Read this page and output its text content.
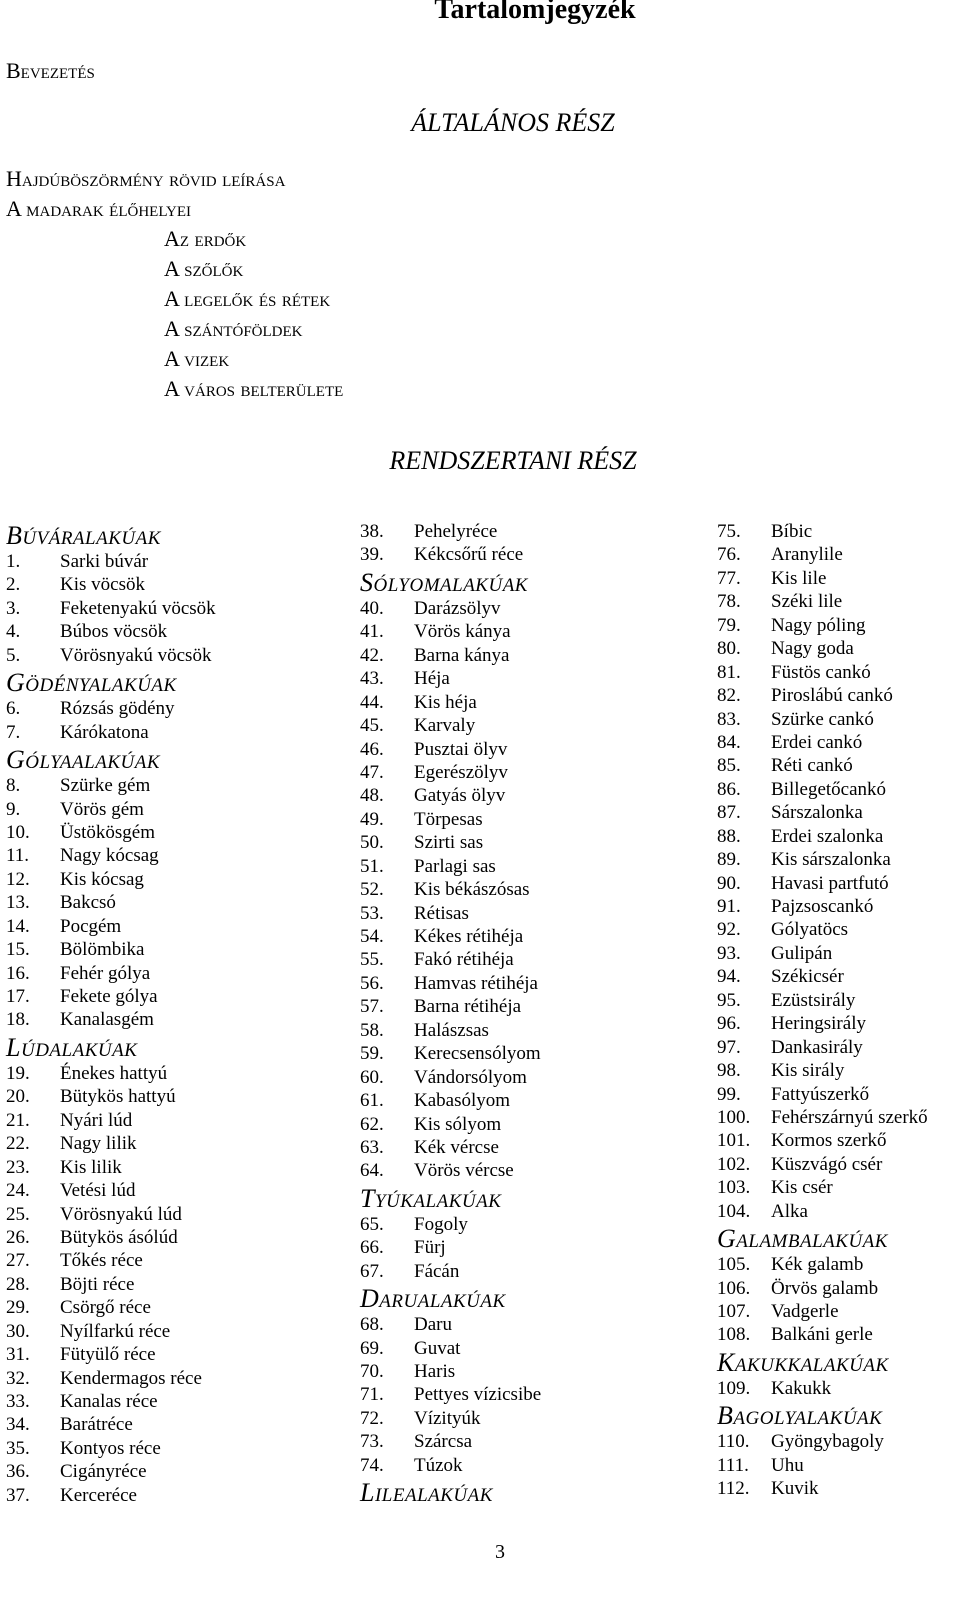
Tartalomjegyzék
Bevezetés
ÁLTALÁNOS RÉSZ
Hajdúböszörmény rövid leírása
A madarak élőhelyei
Az erdők
A szőlők
A legelők és rétek
A szántóföldek
A vizek
A város belterülete
RENDSZERTANI RÉSZ
BÚVÁRALAKÚAK
1. Sarki búvár
2. Kis vöcsök
3. Feketenyakú vöcsök
4. Búbos vöcsök
5. Vörösnyakú vöcsök
GÖDÉNYALAKÚAK
6. Rózsás gödény
7. Kárókatona
GÓLYAALAKÚAK
8. Szürke gém
9. Vörös gém
10. Üstökösgém
11. Nagy kócsag
12. Kis kócsag
13. Bakcsó
14. Pocgém
15. Bölömbika
16. Fehér gólya
17. Fekete gólya
18. Kanalasgém
LÚDALAKÚAK
19. Énekes hattyú
20. Bütykös hattyú
21. Nyári lúd
22. Nagy lilik
23. Kis lilik
24. Vetési lúd
25. Vörösnyakú lúd
26. Bütykös ásólúd
27. Tőkés réce
28. Böjti réce
29. Csörgő réce
30. Nyílfarkú réce
31. Fütyülő réce
32. Kendermagos réce
33. Kanalas réce
34. Barátréce
35. Kontyos réce
36. Cigányréce
37. Kercerécе
38. Pehelyréce
39. Kékcsőrű réce
SÓLYOMALAKÚAK
40. Darázsölyv
41. Vörös kánya
42. Barna kánya
43. Héja
44. Kis héja
45. Karvaly
46. Pusztai ölyv
47. Egerészölyv
48. Gatyás ölyv
49. Törpesas
50. Szirti sas
51. Parlagi sas
52. Kis békászósas
53. Rétisas
54. Kékes rétihéja
55. Fakó rétihéja
56. Hamvas rétihéja
57. Barna rétihéja
58. Halászsas
59. Kerecsensólyom
60. Vándorsólyom
61. Kabasólyom
62. Kis sólyom
63. Kék vércse
64. Vörös vércse
TYÚKALAKÚAK
65. Fogoly
66. Fürj
67. Fácán
DARUALAKÚAK
68. Daru
69. Guvat
70. Haris
71. Pettyes vízicsibe
72. Vízityúk
73. Szárcsa
74. Túzok
LILEALAKÚAK
75. Bíbic
76. Aranylile
77. Kis lile
78. Széki lile
79. Nagy póling
80. Nagy goda
81. Füstös cankó
82. Piroslábú cankó
83. Szürke cankó
84. Erdei cankó
85. Réti cankó
86. Billegetőcankó
87. Sárszalonka
88. Erdei szalonka
89. Kis sárszalonka
90. Havasi partfutó
91. Pajzsoscankó
92. Gólyatöcs
93. Gulipán
94. Székicsér
95. Ezüstsirály
96. Heringsirály
97. Dankasirály
98. Kis sirály
99. Fattyúszerkő
100. Fehérszárnyú szerkő
101. Kormos szerkő
102. Küszvágó csér
103. Kis csér
104. Alka
GALAMBALAKÚAK
105. Kék galamb
106. Örvös galamb
107. Vadgerle
108. Balkáni gerle
KAKUKKALAKÚAK
109. Kakukk
BAGOLYALAKÚAK
110. Gyöngybagoly
111. Uhu
112. Kuvik
3
